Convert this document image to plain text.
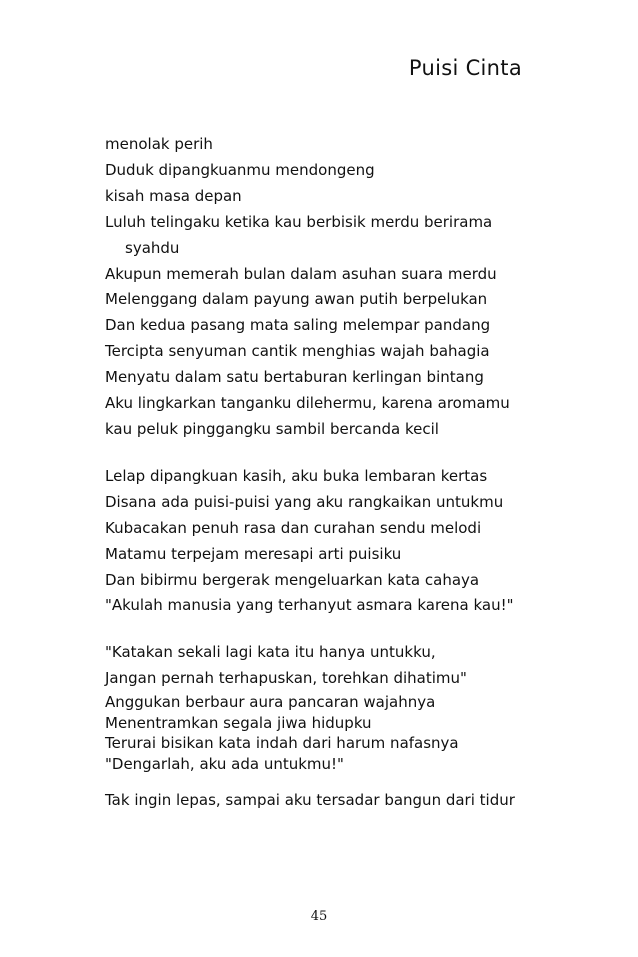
Puisi Cinta
menolak perih
Duduk dipangkuanmu mendongeng
kisah masa depan
Luluh telingaku ketika kau berbisik merdu berirama
syahdu
Akupun memerah bulan dalam asuhan suara merdu
Melenggang dalam payung awan putih berpelukan
Dan kedua pasang mata saling melempar pandang
Tercipta senyuman cantik menghias wajah bahagia
Menyatu dalam satu bertaburan kerlingan bintang
Aku lingkarkan tanganku dilehermu, karena aromamu
kau peluk pinggangku sambil bercanda kecil
Lelap dipangkuan kasih, aku buka lembaran kertas
Disana ada puisi-puisi yang aku rangkaikan untukmu
Kubacakan penuh rasa dan curahan sendu melodi
Matamu terpejam meresapi arti puisiku
Dan bibirmu bergerak mengeluarkan kata cahaya
"Akulah manusia yang terhanyut asmara karena kau!"
"Katakan sekali lagi kata itu hanya untukku,
Jangan pernah terhapuskan, torehkan dihatimu"
Anggukan berbaur aura pancaran wajahnya
Menentramkan segala jiwa hidupku
Terurai bisikan kata indah dari harum nafasnya
"Dengarlah, aku ada untukmu!"
Tak ingin lepas, sampai aku tersadar bangun dari tidur
45
